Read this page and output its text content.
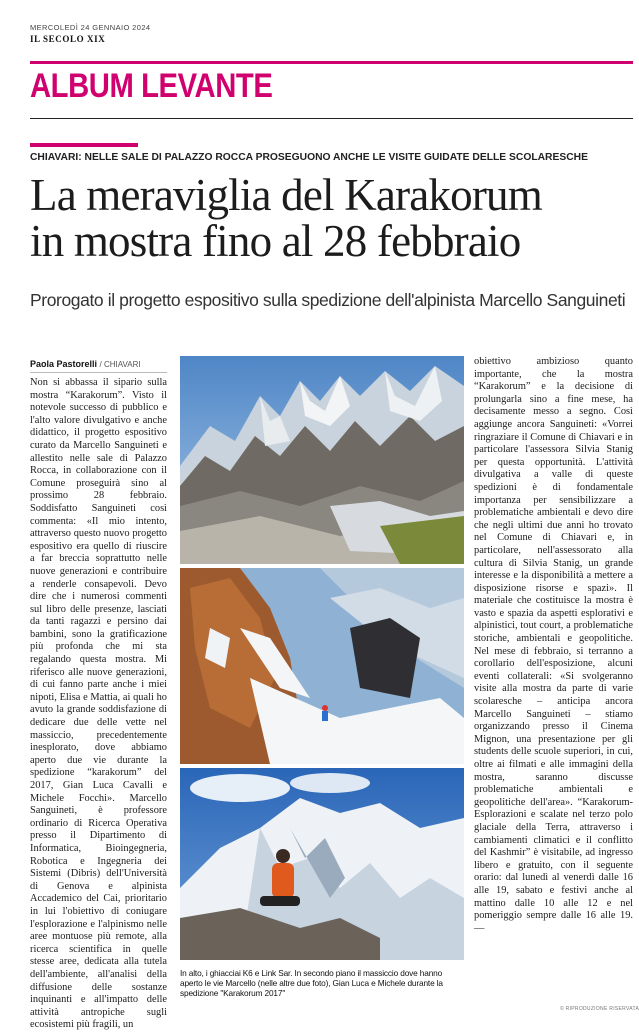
MERCOLEDÌ 24 GENNAIO 2024
IL SECOLO XIX
ALBUM LEVANTE
CHIAVARI: NELLE SALE DI PALAZZO ROCCA PROSEGUONO ANCHE LE VISITE GUIDATE DELLE SCOLARESCHE
La meraviglia del Karakorum
in mostra fino al 28 febbraio
Prorogato il progetto espositivo sulla spedizione dell'alpinista Marcello Sanguineti
Paola Pastorelli / CHIAVARI
Non si abbassa il sipario sulla mostra “Karakorum”. Visto il notevole successo di pubblico e l'alto valore divulgativo e anche didattico, il progetto espositivo curato da Marcello Sanguineti e allestito nelle sale di Palazzo Rocca, in collaborazione con il Comune proseguirà sino al prossimo 28 febbraio. Soddisfatto Sanguineti così commenta: «Il mio intento, attraverso questo nuovo progetto espositivo era quello di riuscire a far breccia soprattutto nelle nuove generazioni e contribuire a renderle consapevoli. Devo dire che i numerosi commenti sul libro delle presenze, lasciati da tanti ragazzi e persino dai bambini, sono la gratificazione più profonda che mi sta regalando questa mostra. Mi riferisco alle nuove generazioni, di cui fanno parte anche i miei nipoti, Elisa e Mattia, ai quali ho avuto la grande soddisfazione di dedicare due delle vette nel massiccio, precedentemente inesplorato, dove abbiamo aperto due vie durante la spedizione “karakorum” del 2017, Gian Luca Cavalli e Michele Focchi». Marcello Sanguineti, è professore ordinario di Ricerca Operativa presso il Dipartimento di Informatica, Bioingegneria, Robotica e Ingegneria dei Sistemi (Dibris) dell'Università di Genova e alpinista Accademico del Cai, prioritario in lui l'obiettivo di coniugare l'esplorazione e l'alpinismo nelle aree montuose più remote, alla ricerca scientifica in quelle stesse aree, dedicata alla tutela dell'ambiente, all'analisi della diffusione delle sostanze inquinanti e all'impatto delle attività antropiche sugli ecosistemi più fragili, un
In alto, i ghiacciai K6 e Link Sar. In secondo piano il massiccio dove hanno aperto le vie Marcello (nelle altre due foto), Gian Luca e Michele durante la spedizione "Karakorum 2017"
obiettivo ambizioso quanto importante, che la mostra “Karakorum” e la decisione di prolungarla sino a fine mese, ha decisamente messo a segno. Così aggiunge ancora Sanguineti: «Vorrei ringraziare il Comune di Chiavari e in particolare l'assessora Silvia Stanig per questa opportunità. L'attività divulgativa a valle di queste spedizioni è di fondamentale importanza per sensibilizzare a problematiche ambientali e devo dire che negli ultimi due anni ho trovato nel Comune di Chiavari e, in particolare, nell'assessorato alla cultura di Silvia Stanig, un grande interesse e la disponibilità a mettere a disposizione risorse e spazi». Il materiale che costituisce la mostra è vasto e spazia da aspetti esplorativi e alpinistici, tout court, a problematiche storiche, ambientali e geopolitiche. Nel mese di febbraio, si terranno a corollario dell'esposizione, alcuni eventi collaterali: «Si svolgeranno visite alla mostra da parte di varie scolaresche – anticipa ancora Marcello Sanguineti – stiamo organizzando presso il Cinema Mignon, una presentazione per gli students delle scuole superiori, in cui, oltre ai filmati e alle immagini della mostra, saranno discusse problematiche ambientali e geopolitiche dell'area». “Karakorum-Esplorazioni e scalate nel terzo polo glaciale della Terra, attraverso i cambiamenti climatici e il conflitto del Kashmir” è visitabile, ad ingresso libero e gratuito, con il seguente orario: dal lunedì al venerdì dalle 16 alle 19, sabato e festivi anche al mattino dalle 10 alle 12 e nel pomeriggio sempre dalle 16 alle 19. —
© RIPRODUZIONE RISERVATA
